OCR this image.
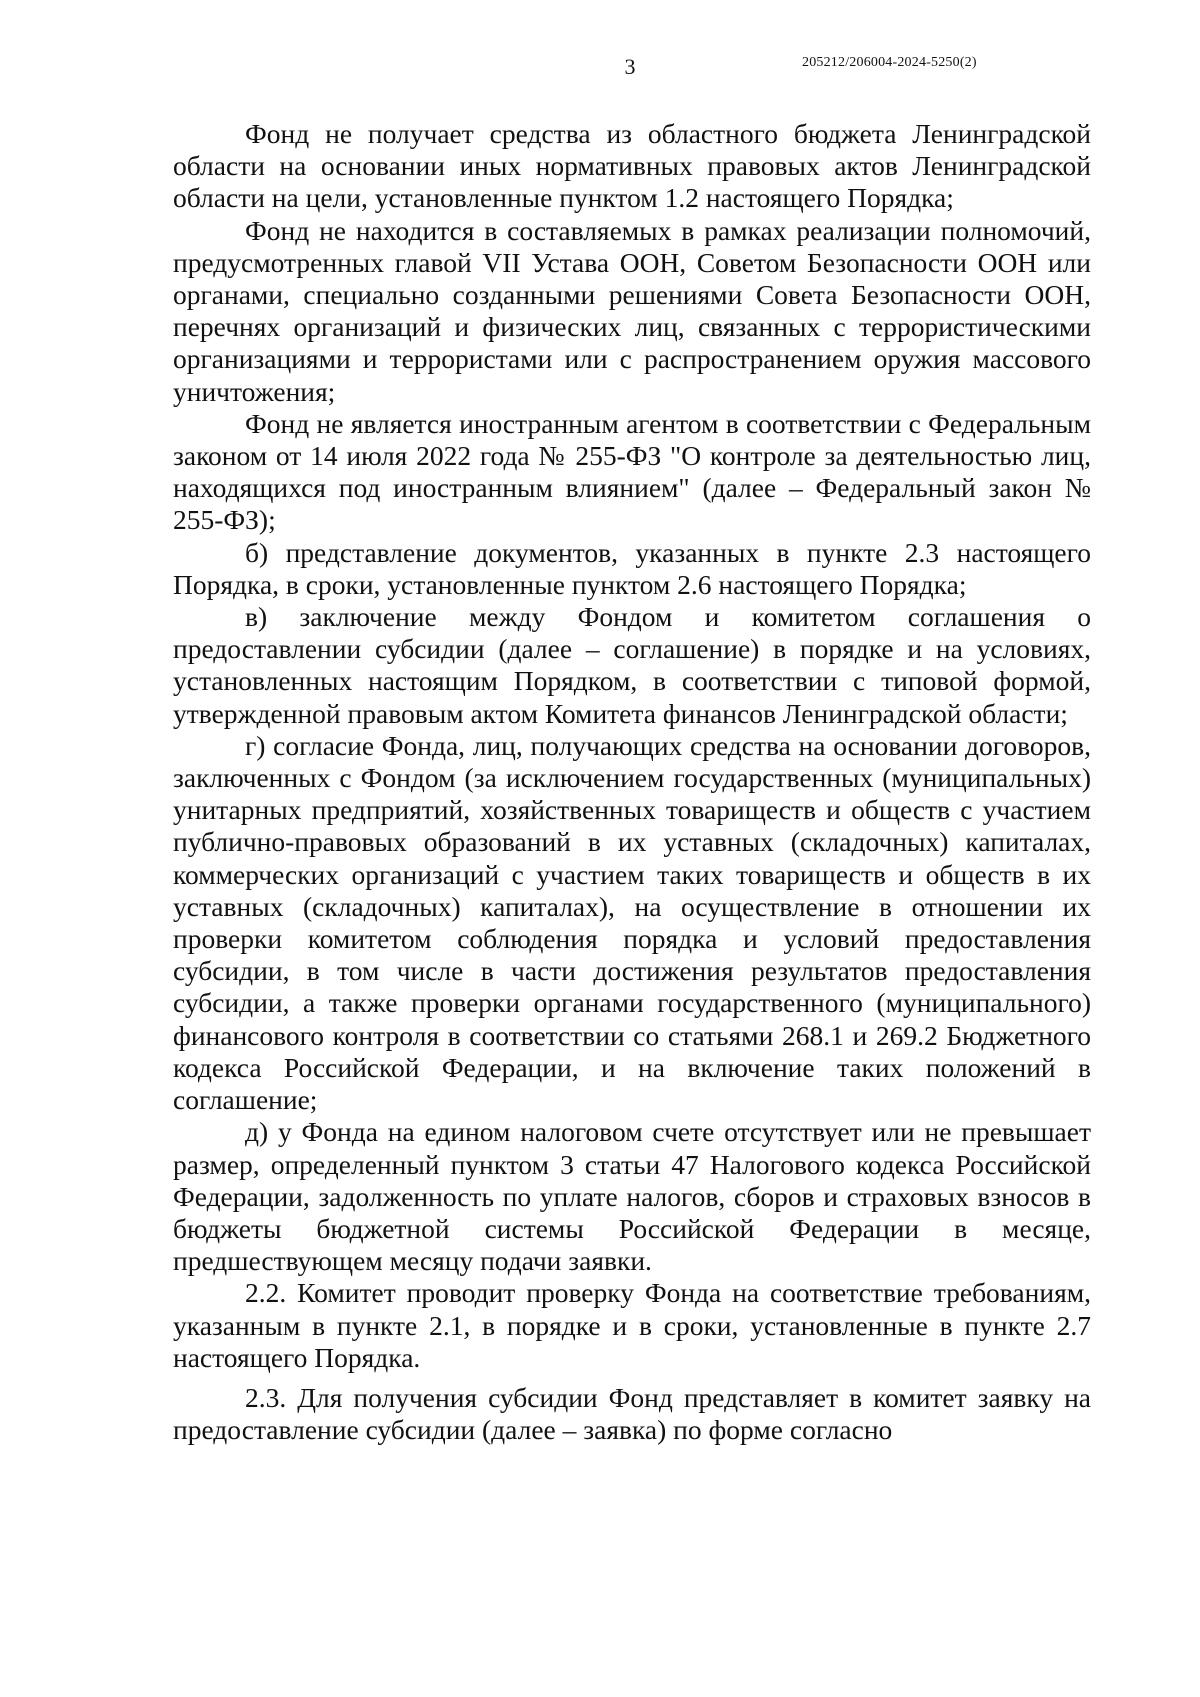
3	205212/206004-2024-5250(2)

Фонд не получает средства из областного бюджета Ленинградской области на основании иных нормативных правовых актов Ленинградской области на цели, установленные пунктом 1.2 настоящего Порядка;

Фонд не находится в составляемых в рамках реализации полномочий, предусмотренных главой VII Устава ООН, Советом Безопасности ООН или органами, специально созданными решениями Совета Безопасности ООН, перечнях организаций и физических лиц, связанных с террористическими организациями и террористами или с распространением оружия массового уничтожения;

Фонд не является иностранным агентом в соответствии с Федеральным законом от 14 июля 2022 года № 255-ФЗ "О контроле за деятельностью лиц, находящихся под иностранным влиянием" (далее – Федеральный закон № 255-ФЗ);

б) представление документов, указанных в пункте 2.3 настоящего Порядка, в сроки, установленные пунктом 2.6 настоящего Порядка;

в) заключение между Фондом и комитетом соглашения о предоставлении субсидии (далее – соглашение) в порядке и на условиях, установленных настоящим Порядком, в соответствии с типовой формой, утвержденной правовым актом Комитета финансов Ленинградской области;

г) согласие Фонда, лиц, получающих средства на основании договоров, заключенных с Фондом (за исключением государственных (муниципальных) унитарных предприятий, хозяйственных товариществ и обществ с участием публично-правовых образований в их уставных (складочных) капиталах, коммерческих организаций с участием таких товариществ и обществ в их уставных (складочных) капиталах), на осуществление в отношении их проверки комитетом соблюдения порядка и условий предоставления субсидии, в том числе в части достижения результатов предоставления субсидии, а также проверки органами государственного (муниципального) финансового контроля в соответствии со статьями 268.1 и 269.2 Бюджетного кодекса Российской Федерации, и на включение таких положений в соглашение;

д) у Фонда на едином налоговом счете отсутствует или не превышает размер, определенный пунктом 3 статьи 47 Налогового кодекса Российской Федерации, задолженность по уплате налогов, сборов и страховых взносов в бюджеты бюджетной системы Российской Федерации в месяце, предшествующем месяцу подачи заявки.

2.2. Комитет проводит проверку Фонда на соответствие требованиям, указанным в пункте 2.1, в порядке и в сроки, установленные в пункте 2.7 настоящего Порядка.

2.3. Для получения субсидии Фонд представляет в комитет заявку на предоставление субсидии (далее – заявка) по форме согласно
